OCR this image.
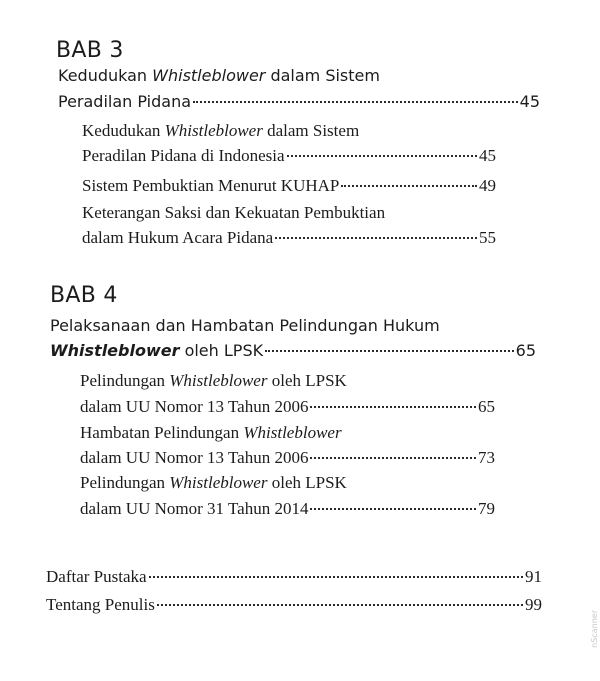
BAB 3
Kedudukan Whistleblower dalam Sistem
Peradilan Pidana	45
Kedudukan Whistleblower dalam Sistem
Peradilan Pidana di Indonesia	45
Sistem Pembuktian Menurut KUHAP	49
Keterangan Saksi dan Kekuatan Pembuktian
dalam Hukum Acara Pidana	55
BAB 4
Pelaksanaan dan Hambatan Pelindungan Hukum
Whistleblower oleh LPSK	65
Pelindungan Whistleblower oleh LPSK
dalam UU Nomor 13 Tahun 2006	65
Hambatan Pelindungan Whistleblower
dalam UU Nomor 13 Tahun 2006	73
Pelindungan Whistleblower oleh LPSK
dalam UU Nomor 31 Tahun 2014	79
Daftar Pustaka	91
Tentang Penulis	99
nScanner
